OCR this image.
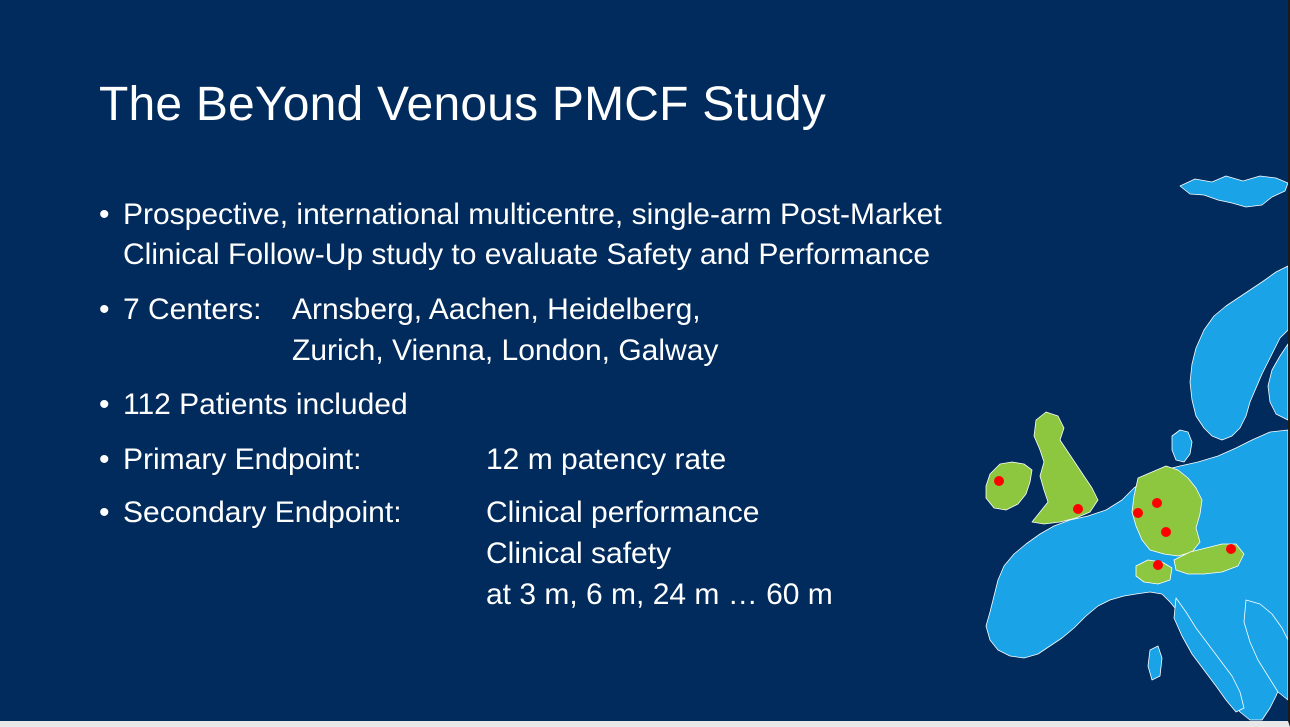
The BeYond Venous PMCF Study
• Prospective, international multicentre, single-arm Post-Market
Clinical Follow-Up study to evaluate Safety and Performance
• 7 Centers: Arnsberg, Aachen, Heidelberg,
Zurich, Vienna, London, Galway
• 112 Patients included
• Primary Endpoint:	12 m patency rate
• Secondary Endpoint:	Clinical performance
Clinical safety
at 3 m, 6 m, 24 m … 60 m
